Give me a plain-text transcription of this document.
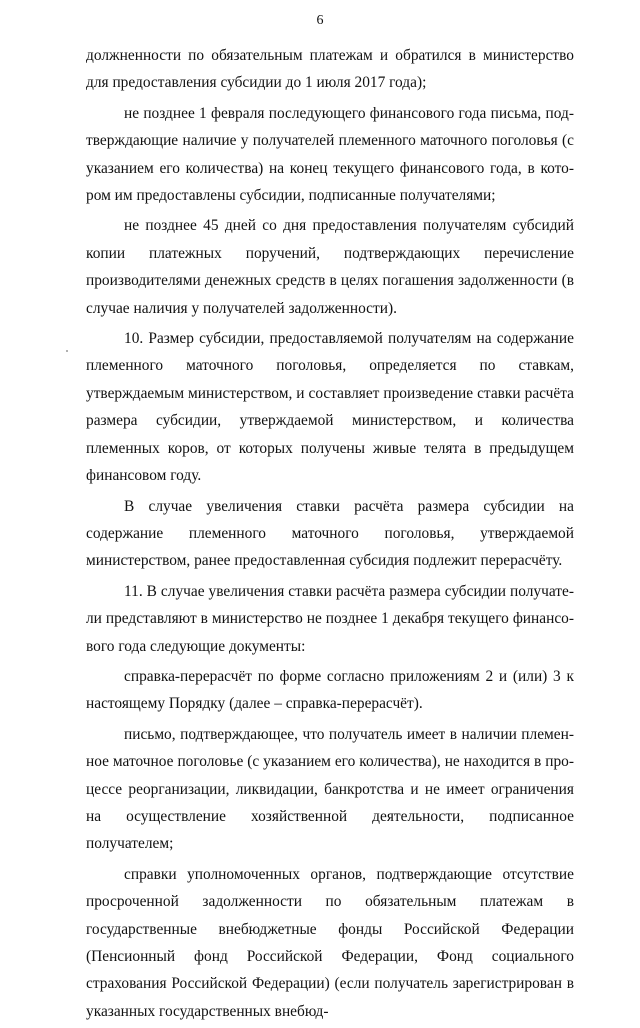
6

должненности по обязательным платежам и обратился в министерство для предоставления субсидии до 1 июля 2017 года);

не позднее 1 февраля последующего финансового года письма, подтверждающие наличие у получателей племенного маточного поголовья (с указанием его количества) на конец текущего финансового года, в котором им предоставлены субсидии, подписанные получателями;

не позднее 45 дней со дня предоставления получателям субсидий копии платежных поручений, подтверждающих перечисление производителями денежных средств в целях погашения задолженности (в случае наличия у получателей задолженности).

10. Размер субсидии, предоставляемой получателям на содержание племенного маточного поголовья, определяется по ставкам, утверждаемым министерством, и составляет произведение ставки расчёта размера субсидии, утверждаемой министерством, и количества племенных коров, от которых получены живые телята в предыдущем финансовом году.

В случае увеличения ставки расчёта размера субсидии на содержание племенного маточного поголовья, утверждаемой министерством, ранее предоставленная субсидия подлежит перерасчёту.

11. В случае увеличения ставки расчёта размера субсидии получатели представляют в министерство не позднее 1 декабря текущего финансового года следующие документы:

справка-перерасчёт по форме согласно приложениям 2 и (или) 3 к настоящему Порядку (далее – справка-перерасчёт).

письмо, подтверждающее, что получатель имеет в наличии племенное маточное поголовье (с указанием его количества), не находится в процессе реорганизации, ликвидации, банкротства и не имеет ограничения на осуществление хозяйственной деятельности, подписанное получателем;

справки уполномоченных органов, подтверждающие отсутствие просроченной задолженности по обязательным платежам в государственные внебюджетные фонды Российской Федерации (Пенсионный фонд Российской Федерации, Фонд социального страхования Российской Федерации) (если получатель зарегистрирован в указанных государственных внебюд-
